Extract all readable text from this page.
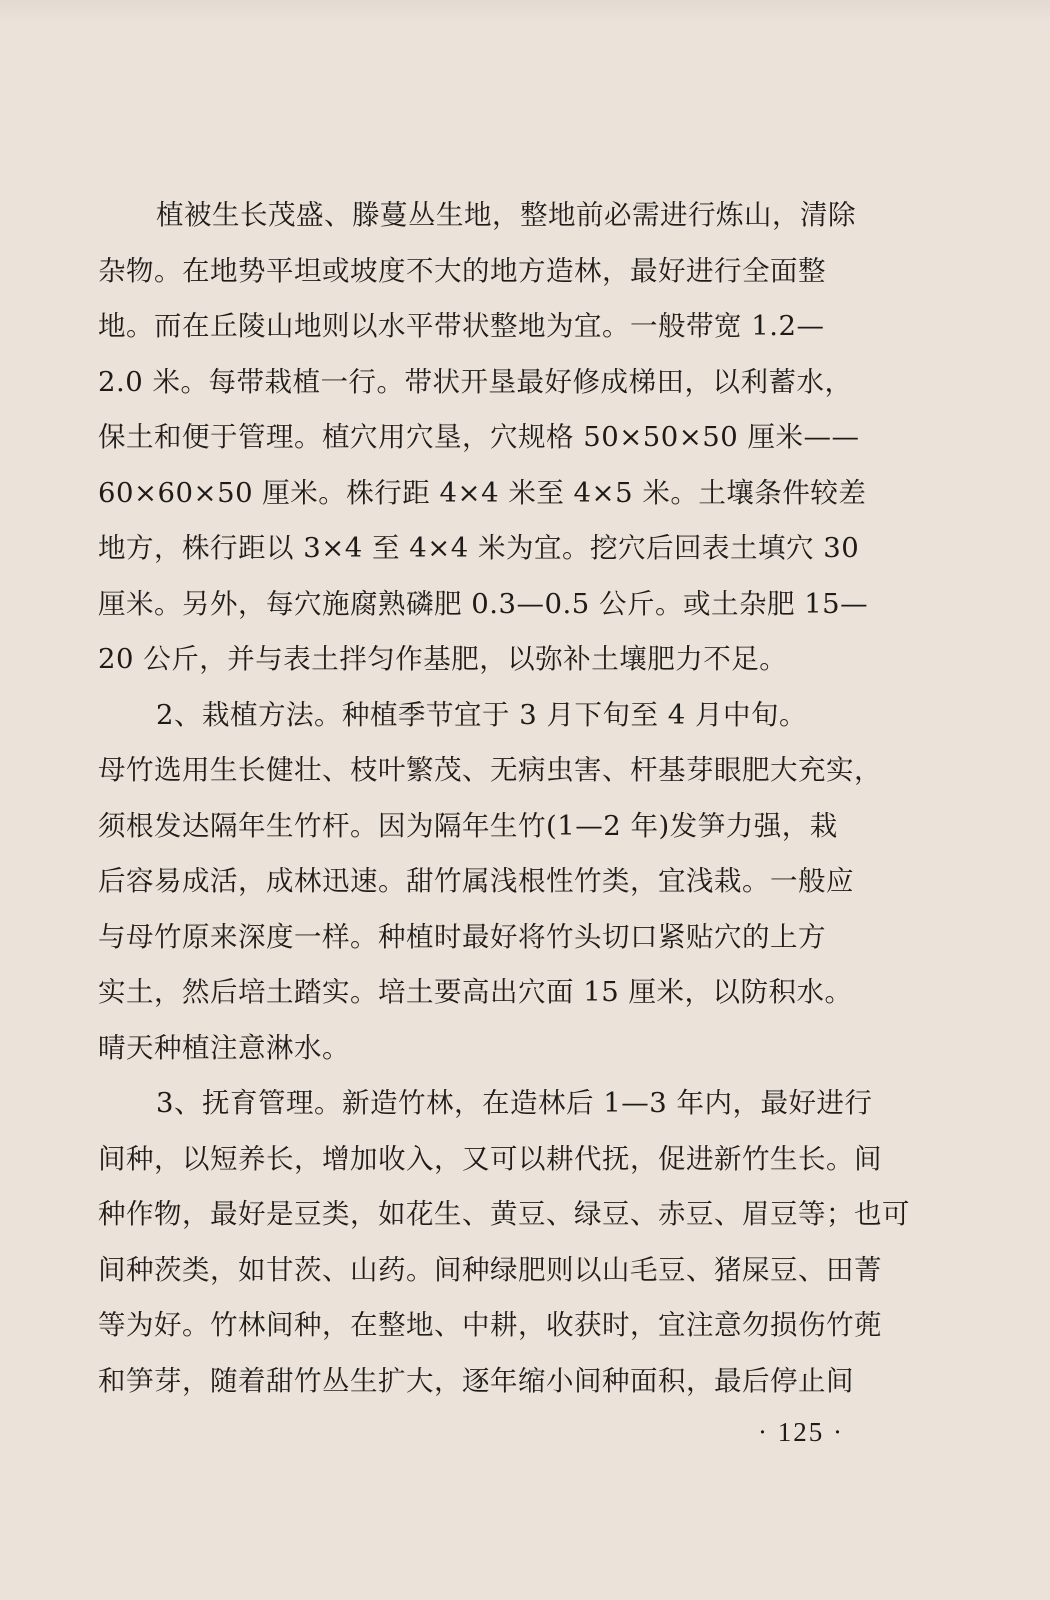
植被生长茂盛、滕蔓丛生地，整地前必需进行炼山，清除
杂物。在地势平坦或坡度不大的地方造林，最好进行全面整
地。而在丘陵山地则以水平带状整地为宜。一般带宽 1.2—
2.0 米。每带栽植一行。带状开垦最好修成梯田，以利蓄水，
保土和便于管理。植穴用穴垦，穴规格 50×50×50 厘米——
60×60×50 厘米。株行距 4×4 米至 4×5 米。土壤条件较差
地方，株行距以 3×4 至 4×4 米为宜。挖穴后回表土填穴 30
厘米。另外，每穴施腐熟磷肥 0.3—0.5 公斤。或土杂肥 15—
20 公斤，并与表土拌匀作基肥，以弥补土壤肥力不足。
2、栽植方法。种植季节宜于 3 月下旬至 4 月中旬。
母竹选用生长健壮、枝叶繁茂、无病虫害、杆基芽眼肥大充实，
须根发达隔年生竹杆。因为隔年生竹(1—2 年)发笋力强，栽
后容易成活，成林迅速。甜竹属浅根性竹类，宜浅栽。一般应
与母竹原来深度一样。种植时最好将竹头切口紧贴穴的上方
实土，然后培土踏实。培土要高出穴面 15 厘米，以防积水。
晴天种植注意淋水。
3、抚育管理。新造竹林，在造林后 1—3 年内，最好进行
间种，以短养长，增加收入，又可以耕代抚，促进新竹生长。间
种作物，最好是豆类，如花生、黄豆、绿豆、赤豆、眉豆等；也可
间种茨类，如甘茨、山药。间种绿肥则以山毛豆、猪屎豆、田菁
等为好。竹林间种，在整地、中耕，收获时，宜注意勿损伤竹蔸
和笋芽，随着甜竹丛生扩大，逐年缩小间种面积，最后停止间
· 125 ·
